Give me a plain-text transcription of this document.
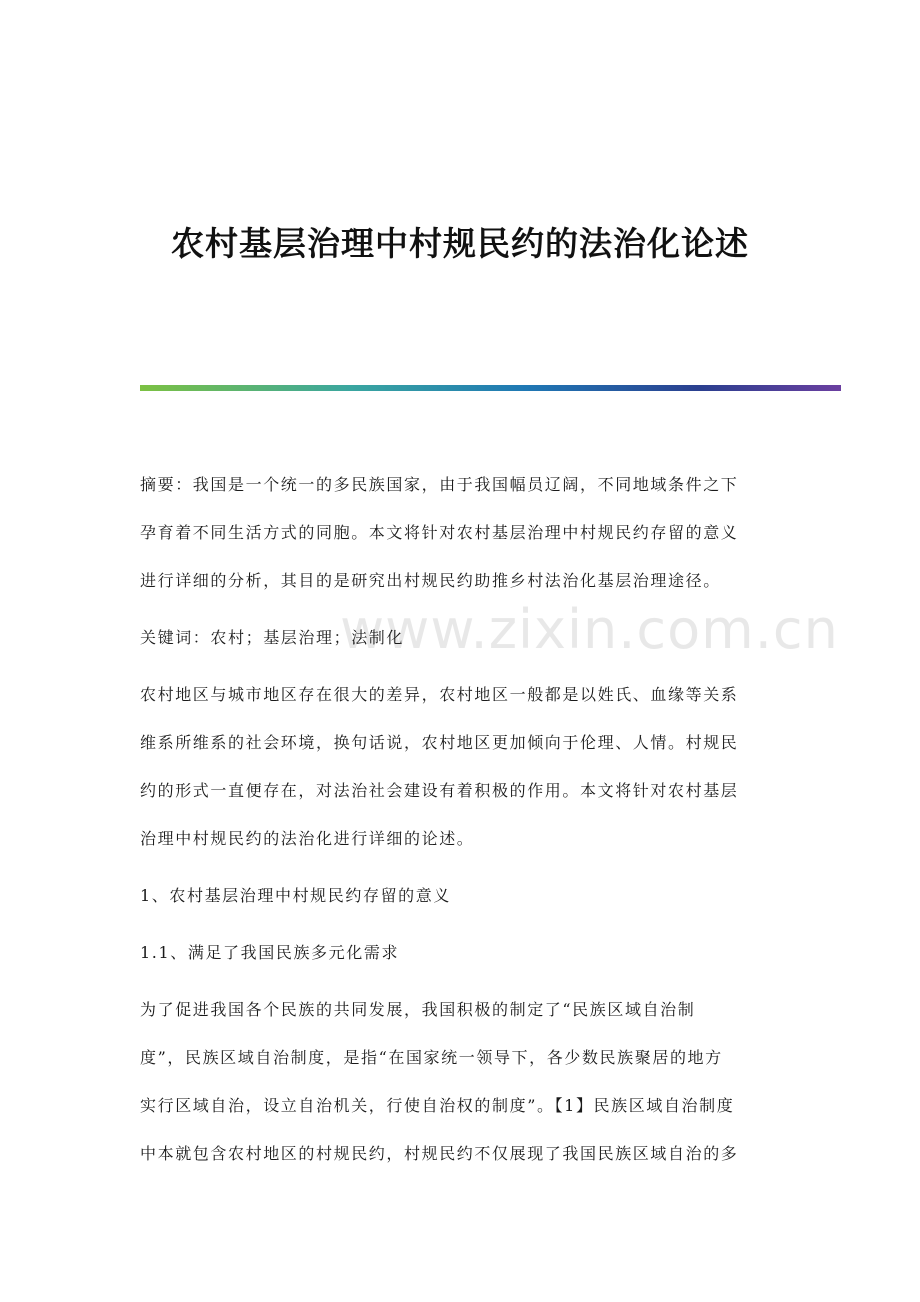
农村基层治理中村规民约的法治化论述
www.zixin.com.cn
摘要：我国是一个统一的多民族国家，由于我国幅员辽阔，不同地域条件之下
孕育着不同生活方式的同胞。本文将针对农村基层治理中村规民约存留的意义
进行详细的分析，其目的是研究出村规民约助推乡村法治化基层治理途径。
关键词：农村；基层治理；法制化
农村地区与城市地区存在很大的差异，农村地区一般都是以姓氏、血缘等关系
维系所维系的社会环境，换句话说，农村地区更加倾向于伦理、人情。村规民
约的形式一直便存在，对法治社会建设有着积极的作用。本文将针对农村基层
治理中村规民约的法治化进行详细的论述。
1、农村基层治理中村规民约存留的意义
1.1、满足了我国民族多元化需求
为了促进我国各个民族的共同发展，我国积极的制定了“民族区域自治制
度”，民族区域自治制度，是指“在国家统一领导下，各少数民族聚居的地方
实行区域自治，设立自治机关，行使自治权的制度”。【1】民族区域自治制度
中本就包含农村地区的村规民约，村规民约不仅展现了我国民族区域自治的多
